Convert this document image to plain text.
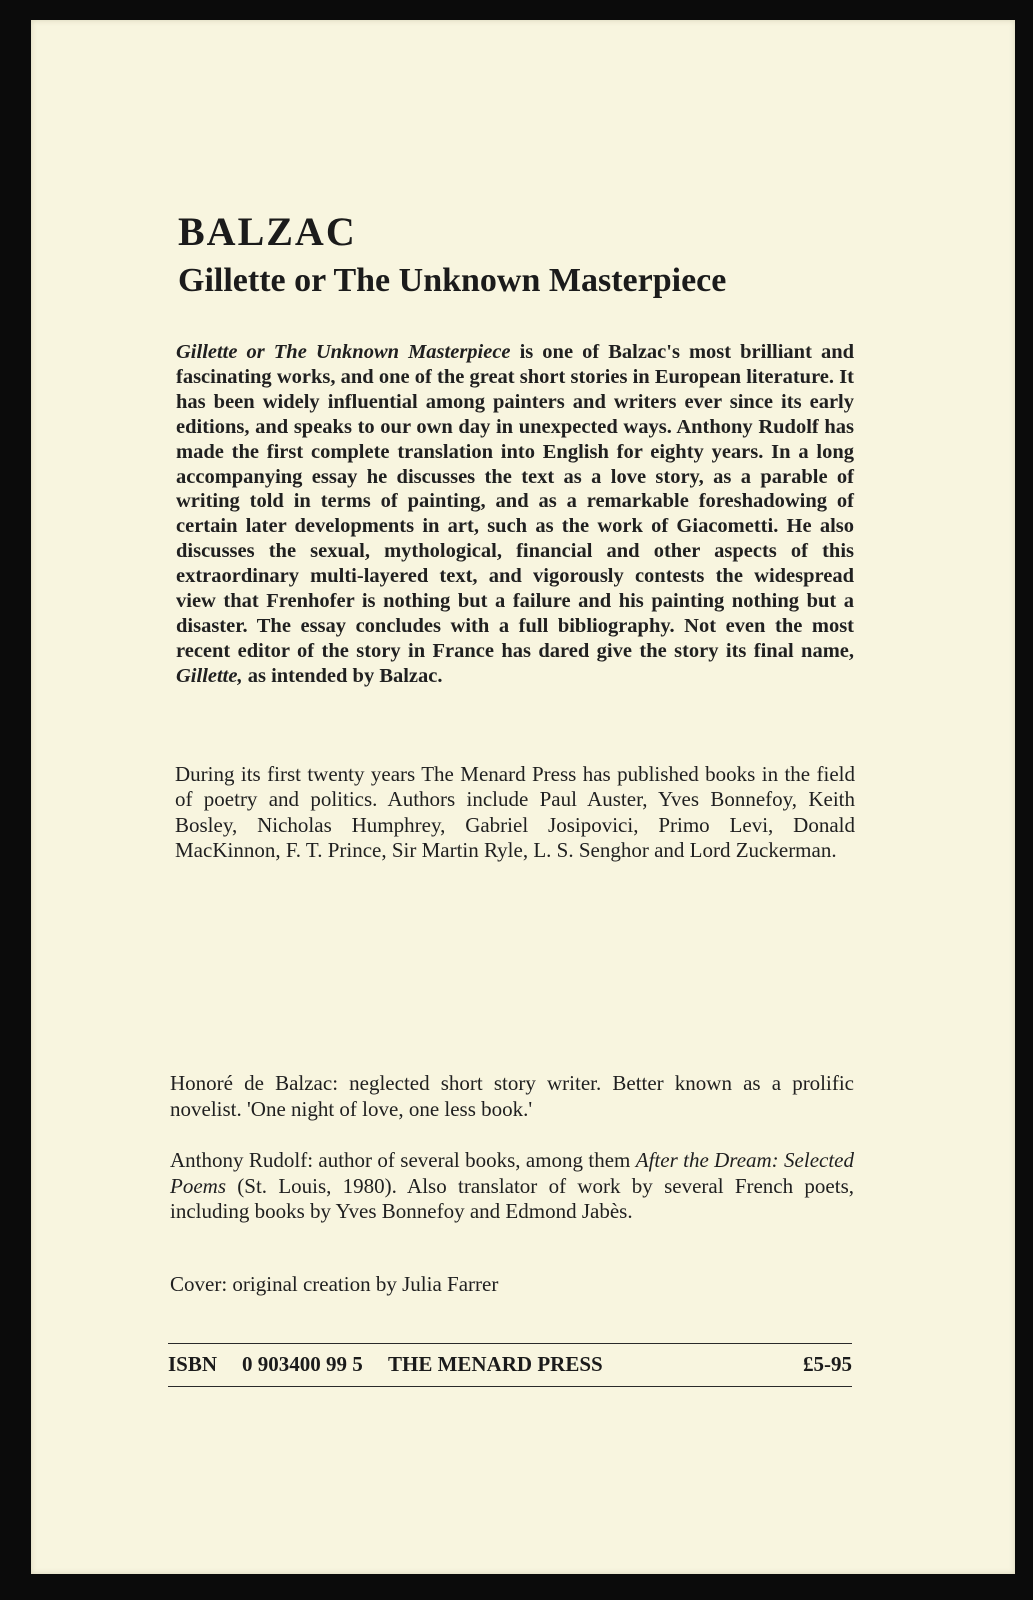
BALZAC
Gillette or The Unknown Masterpiece

Gillette or The Unknown Masterpiece is one of Balzac's most brilliant and fascinating works, and one of the great short stories in European literature. It has been widely influential among painters and writers ever since its early editions, and speaks to our own day in unexpected ways. Anthony Rudolf has made the first complete translation into English for eighty years. In a long accompanying essay he discusses the text as a love story, as a parable of writing told in terms of painting, and as a remarkable foreshadowing of certain later developments in art, such as the work of Giacometti. He also discusses the sexual, mythological, financial and other aspects of this extraordinary multi-layered text, and vigorously contests the widespread view that Frenhofer is nothing but a failure and his painting nothing but a disaster. The essay concludes with a full bibliography. Not even the most recent editor of the story in France has dared give the story its final name, Gillette, as intended by Balzac.

During its first twenty years The Menard Press has published books in the field of poetry and politics. Authors include Paul Auster, Yves Bonnefoy, Keith Bosley, Nicholas Humphrey, Gabriel Josipovici, Primo Levi, Donald MacKinnon, F. T. Prince, Sir Martin Ryle, L. S. Senghor and Lord Zuckerman.

Honoré de Balzac: neglected short story writer. Better known as a prolific novelist. 'One night of love, one less book.'

Anthony Rudolf: author of several books, among them After the Dream: Selected Poems (St. Louis, 1980). Also translator of work by several French poets, including books by Yves Bonnefoy and Edmond Jabès.

Cover: original creation by Julia Farrer

ISBN 0 903400 99 5 THE MENARD PRESS	£5-95
